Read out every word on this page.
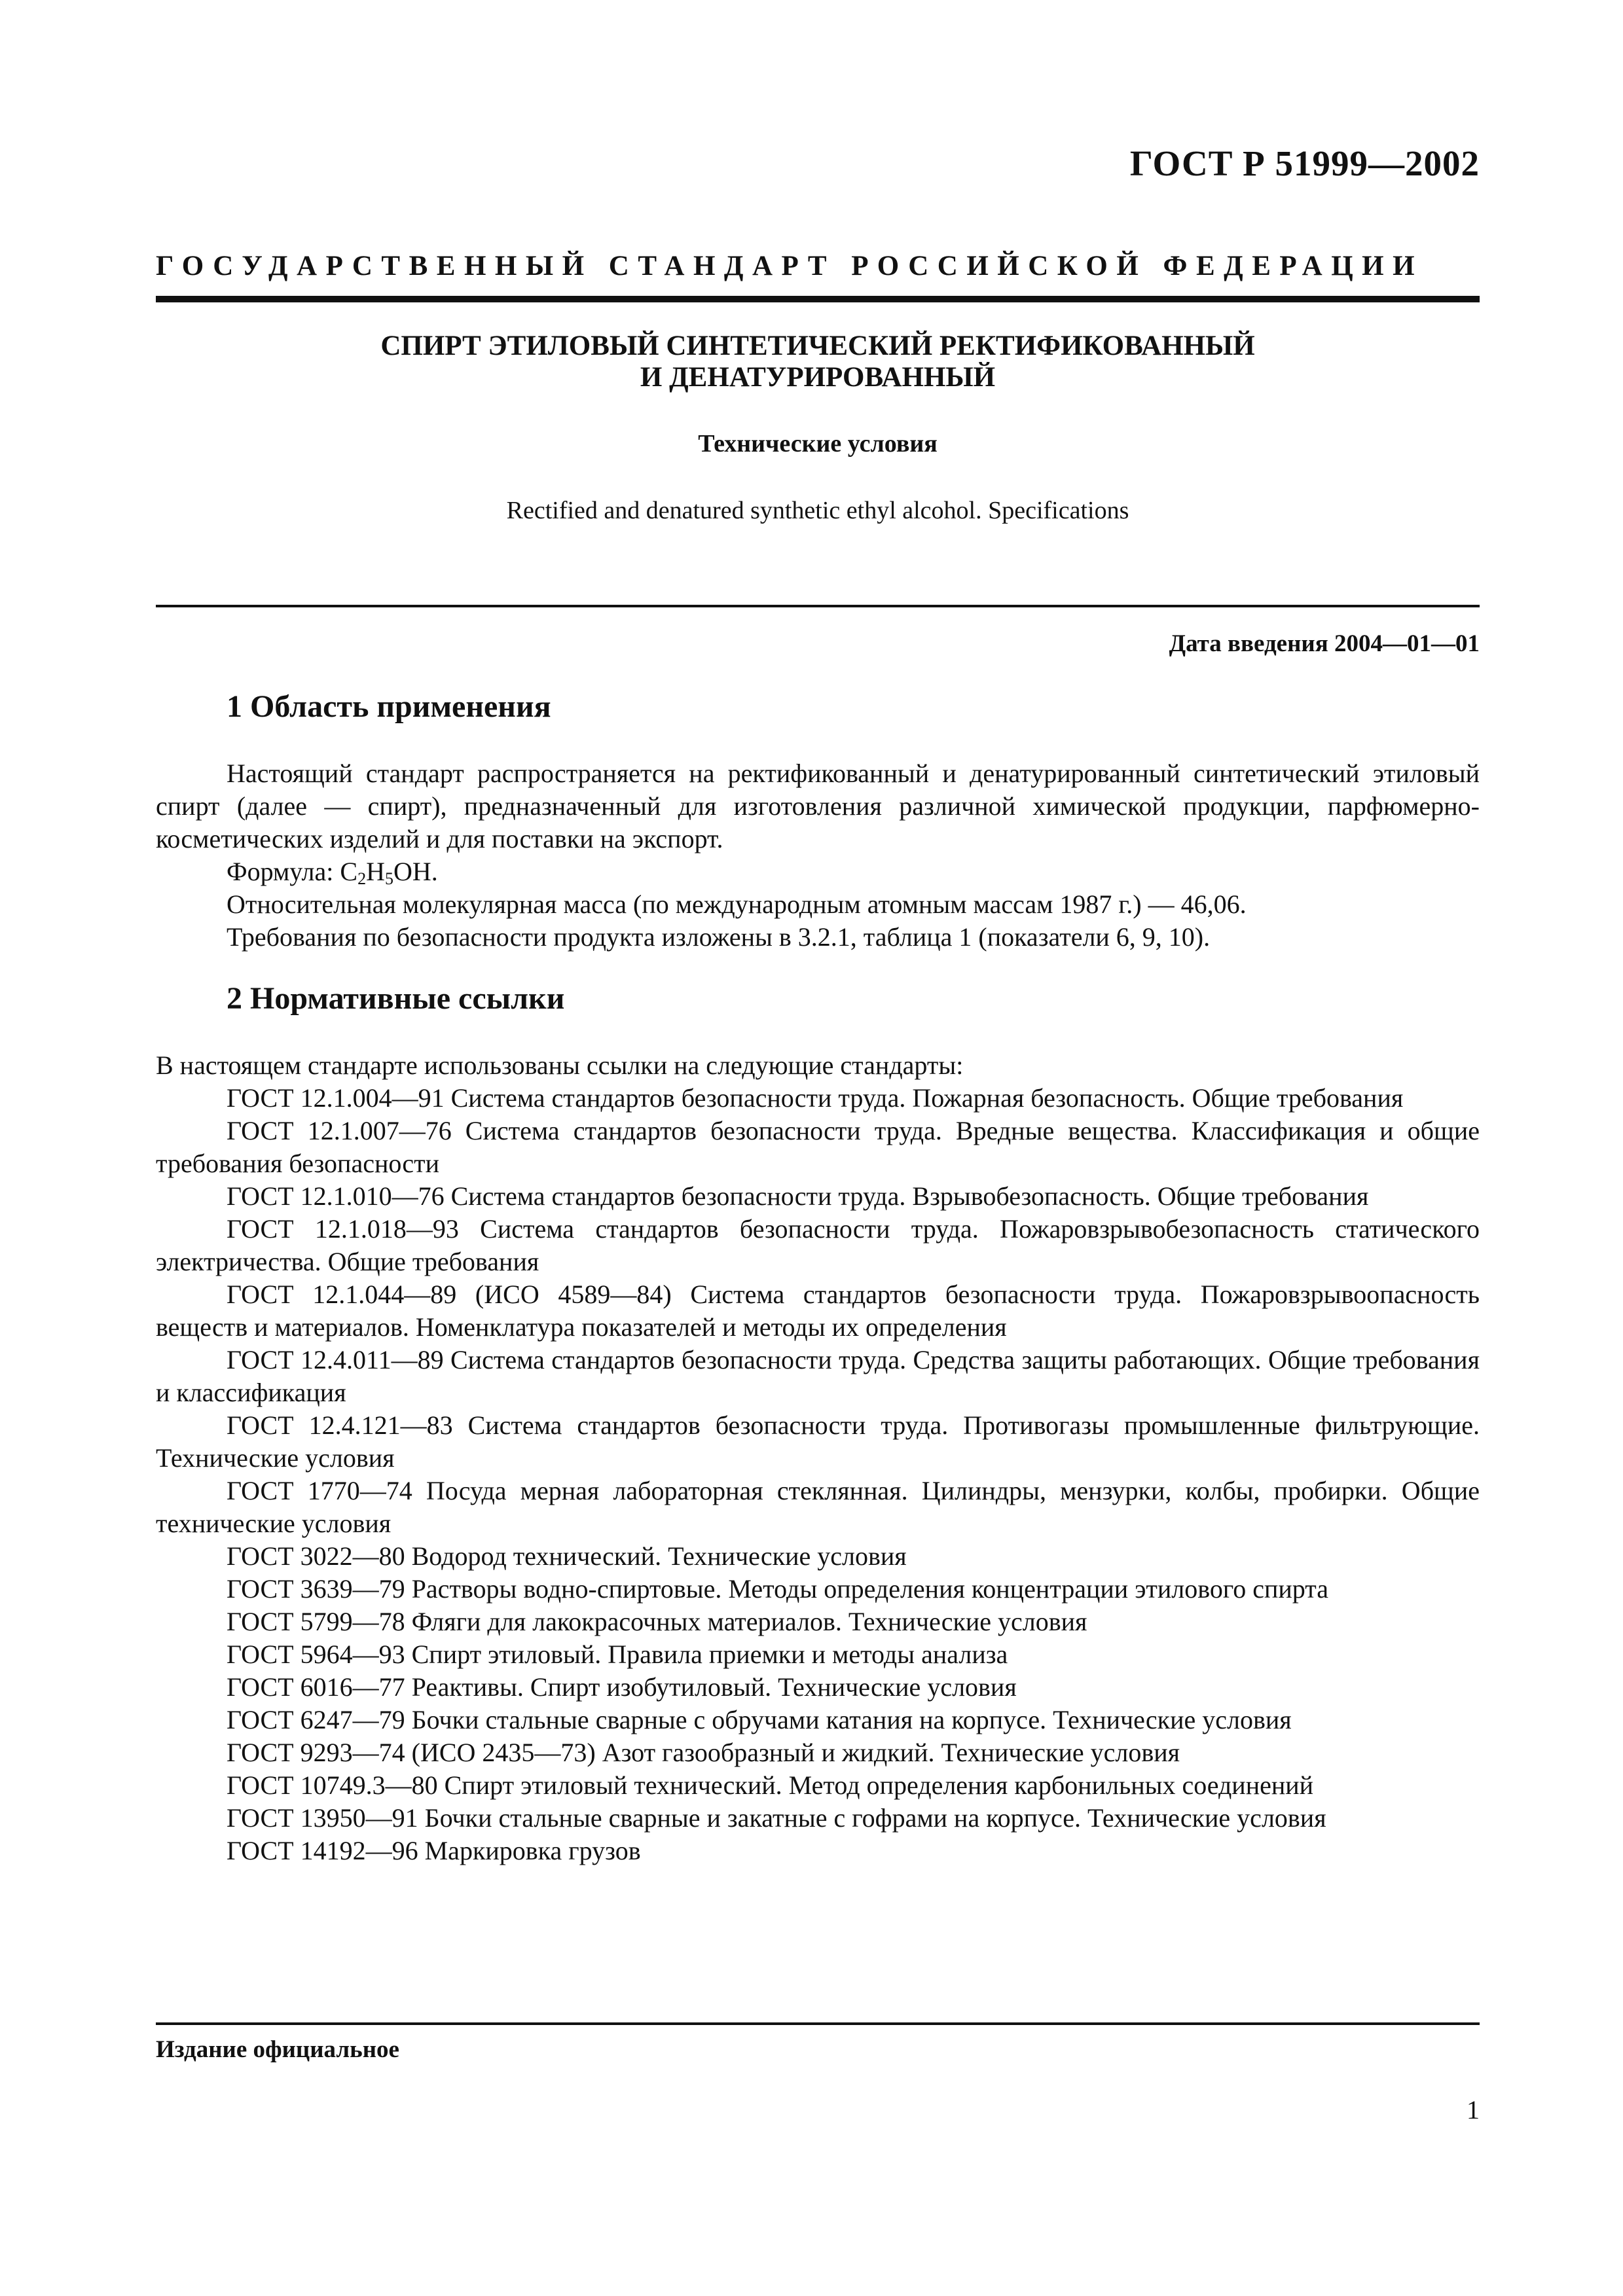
ГОСТ Р 51999—2002
ГОСУДАРСТВЕННЫЙ СТАНДАРТ РОССИЙСКОЙ ФЕДЕРАЦИИ
СПИРТ ЭТИЛОВЫЙ СИНТЕТИЧЕСКИЙ РЕКТИФИКОВАННЫЙ
И ДЕНАТУРИРОВАННЫЙ
Технические условия
Rectified and denatured synthetic ethyl alcohol. Specifications
Дата введения 2004—01—01
1 Область применения

Настоящий стандарт распространяется на ректификованный и денатурированный синтетический этиловый спирт (далее — спирт), предназначенный для изготовления различной химической продукции, парфюмерно-косметических изделий и для поставки на экспорт.

Формула: $C_2H_5OH$.

Относительная молекулярная масса (по международным атомным массам 1987 г.) — 46,06.

Требования по безопасности продукта изложены в 3.2.1, таблица 1 (показатели 6, 9, 10).

2 Нормативные ссылки

В настоящем стандарте использованы ссылки на следующие стандарты:

ГОСТ 12.1.004—91 Система стандартов безопасности труда. Пожарная безопасность. Общие требования

ГОСТ 12.1.007—76 Система стандартов безопасности труда. Вредные вещества. Классификация и общие требования безопасности

ГОСТ 12.1.010—76 Система стандартов безопасности труда. Взрывобезопасность. Общие требования

ГОСТ 12.1.018—93 Система стандартов безопасности труда. Пожаровзрывобезопасность статического электричества. Общие требования

ГОСТ 12.1.044—89 (ИСО 4589—84) Система стандартов безопасности труда. Пожаровзрывоопасность веществ и материалов. Номенклатура показателей и методы их определения

ГОСТ 12.4.011—89 Система стандартов безопасности труда. Средства защиты работающих. Общие требования и классификация

ГОСТ 12.4.121—83 Система стандартов безопасности труда. Противогазы промышленные фильтрующие. Технические условия

ГОСТ 1770—74 Посуда мерная лабораторная стеклянная. Цилиндры, мензурки, колбы, пробирки. Общие технические условия

ГОСТ 3022—80 Водород технический. Технические условия

ГОСТ 3639—79 Растворы водно-спиртовые. Методы определения концентрации этилового спирта

ГОСТ 5799—78 Фляги для лакокрасочных материалов. Технические условия

ГОСТ 5964—93 Спирт этиловый. Правила приемки и методы анализа

ГОСТ 6016—77 Реактивы. Спирт изобутиловый. Технические условия

ГОСТ 6247—79 Бочки стальные сварные с обручами катания на корпусе. Технические условия

ГОСТ 9293—74 (ИСО 2435—73) Азот газообразный и жидкий. Технические условия

ГОСТ 10749.3—80 Спирт этиловый технический. Метод определения карбонильных соединений

ГОСТ 13950—91 Бочки стальные сварные и закатные с гофрами на корпусе. Технические условия

ГОСТ 14192—96 Маркировка грузов

Издание официальное
1
